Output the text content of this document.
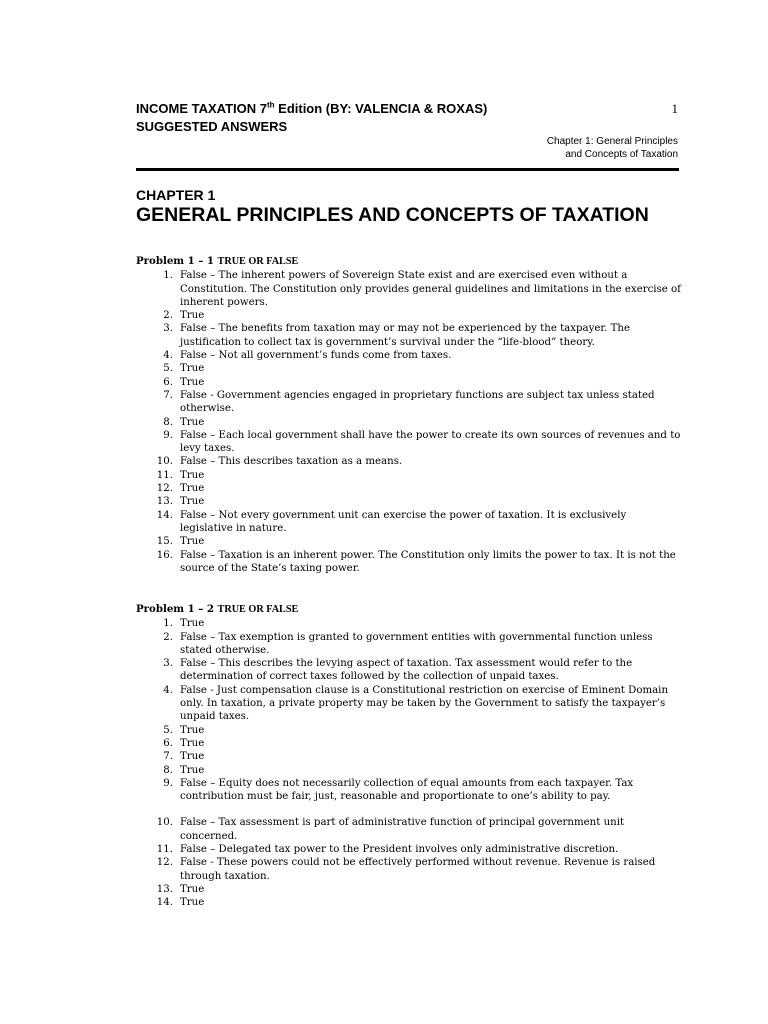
INCOME TAXATION 7th Edition (BY: VALENCIA & ROXAS)
SUGGESTED ANSWERS
1
Chapter 1: General Principles
and Concepts of Taxation
CHAPTER 1
GENERAL PRINCIPLES AND CONCEPTS OF TAXATION
Problem 1 – 1 TRUE OR FALSE
1. False – The inherent powers of Sovereign State exist and are exercised even without a Constitution. The Constitution only provides general guidelines and limitations in the exercise of inherent powers.
2. True
3. False – The benefits from taxation may or may not be experienced by the taxpayer. The justification to collect tax is government’s survival under the “life-blood” theory.
4. False – Not all government’s funds come from taxes.
5. True
6. True
7. False - Government agencies engaged in proprietary functions are subject tax unless stated otherwise.
8. True
9. False – Each local government shall have the power to create its own sources of revenues and to levy taxes.
10. False – This describes taxation as a means.
11. True
12. True
13. True
14. False – Not every government unit can exercise the power of taxation. It is exclusively legislative in nature.
15. True
16. False – Taxation is an inherent power. The Constitution only limits the power to tax. It is not the source of the State’s taxing power.
Problem 1 – 2 TRUE OR FALSE
1. True
2. False – Tax exemption is granted to government entities with governmental function unless stated otherwise.
3. False – This describes the levying aspect of taxation. Tax assessment would refer to the determination of correct taxes followed by the collection of unpaid taxes.
4. False - Just compensation clause is a Constitutional restriction on exercise of Eminent Domain only. In taxation, a private property may be taken by the Government to satisfy the taxpayer’s unpaid taxes.
5. True
6. True
7. True
8. True
9. False – Equity does not necessarily collection of equal amounts from each taxpayer. Tax contribution must be fair, just, reasonable and proportionate to one’s ability to pay.
10. False – Tax assessment is part of administrative function of principal government unit concerned.
11. False – Delegated tax power to the President involves only administrative discretion.
12. False - These powers could not be effectively performed without revenue. Revenue is raised through taxation.
13. True
14. True
